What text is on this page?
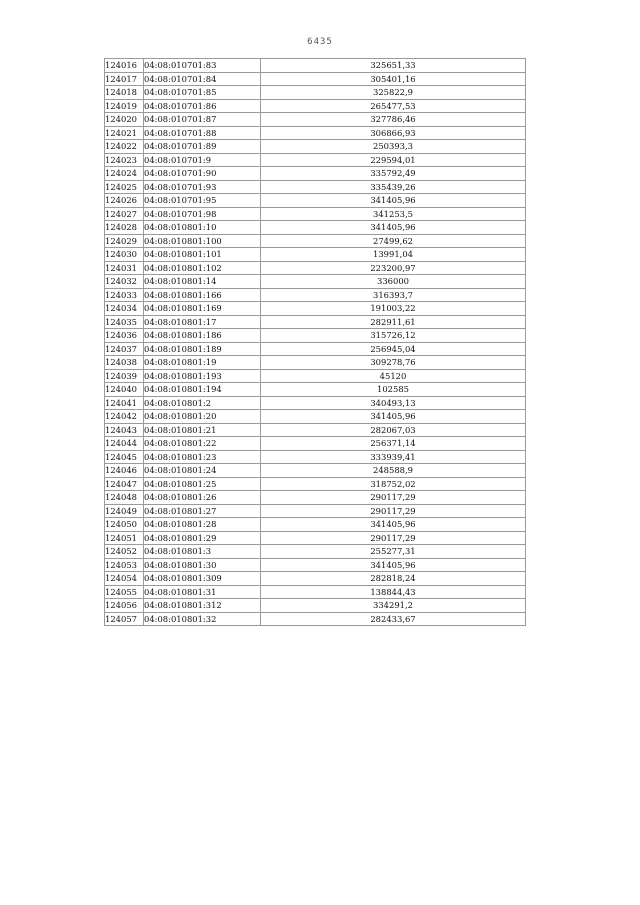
6435
124016	04:08:010701:83	325651,33
124017	04:08:010701:84	305401,16
124018	04:08:010701:85	325822,9
124019	04:08:010701:86	265477,53
124020	04:08:010701:87	327786,46
124021	04:08:010701:88	306866,93
124022	04:08:010701:89	250393,3
124023	04:08:010701:9	229594,01
124024	04:08:010701:90	335792,49
124025	04:08:010701:93	335439,26
124026	04:08:010701:95	341405,96
124027	04:08:010701:98	341253,5
124028	04:08:010801:10	341405,96
124029	04:08:010801:100	27499,62
124030	04:08:010801:101	13991,04
124031	04:08:010801:102	223200,97
124032	04:08:010801:14	336000
124033	04:08:010801:166	316393,7
124034	04:08:010801:169	191003,22
124035	04:08:010801:17	282911,61
124036	04:08:010801:186	315726,12
124037	04:08:010801:189	256945,04
124038	04:08:010801:19	309278,76
124039	04:08:010801:193	45120
124040	04:08:010801:194	102585
124041	04:08:010801:2	340493,13
124042	04:08:010801:20	341405,96
124043	04:08:010801:21	282067,03
124044	04:08:010801:22	256371,14
124045	04:08:010801:23	333939,41
124046	04:08:010801:24	248588,9
124047	04:08:010801:25	318752,02
124048	04:08:010801:26	290117,29
124049	04:08:010801:27	290117,29
124050	04:08:010801:28	341405,96
124051	04:08:010801:29	290117,29
124052	04:08:010801:3	255277,31
124053	04:08:010801:30	341405,96
124054	04:08:010801:309	282818,24
124055	04:08:010801:31	138844,43
124056	04:08:010801:312	334291,2
124057	04:08:010801:32	282433,67
